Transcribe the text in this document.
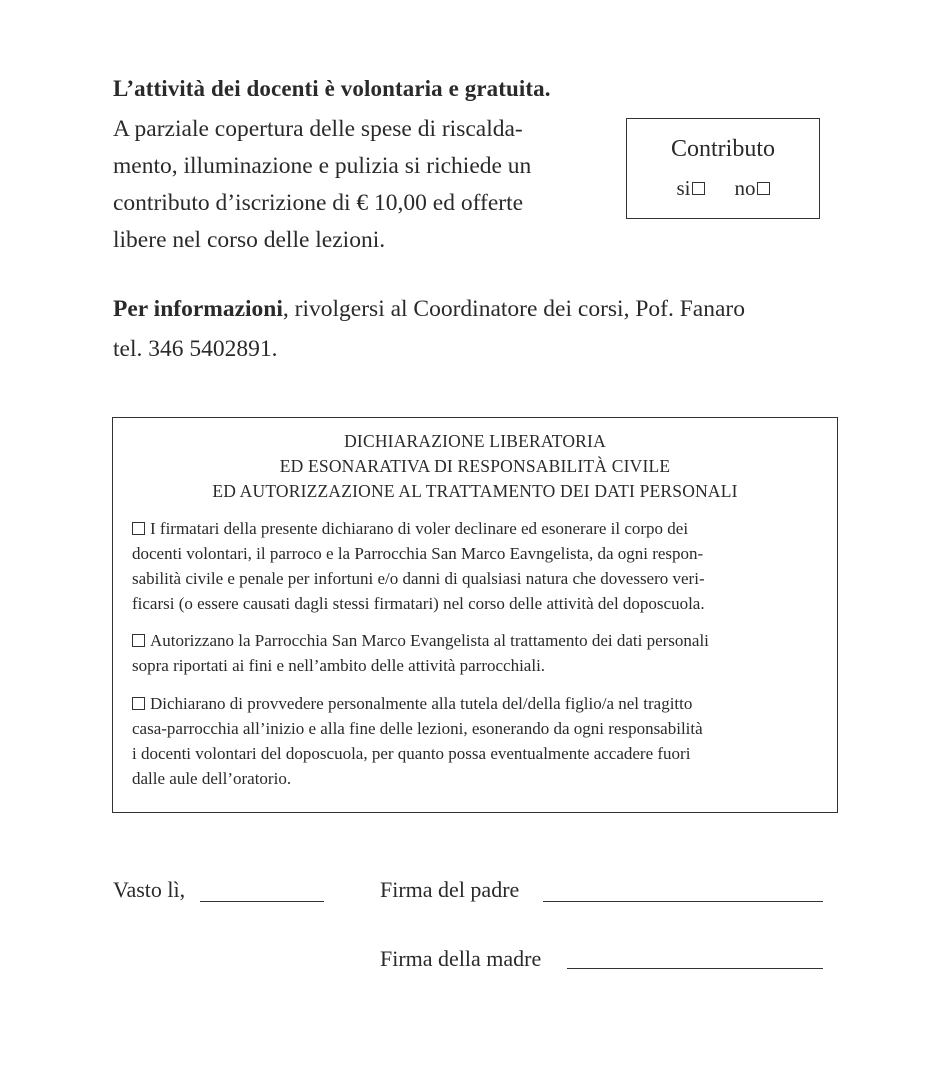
L’attività dei docenti è volontaria e gratuita.
A parziale copertura delle spese di riscalda-
mento, illuminazione e pulizia si richiede un
contributo d’iscrizione di € 10,00 ed offerte
libere nel corso delle lezioni.
Contributo
si no
Per informazioni, rivolgersi al Coordinatore dei corsi, Pof. Fanaro
tel. 346 5402891.
DICHIARAZIONE LIBERATORIA
ED ESONARATIVA DI RESPONSABILITÀ CIVILE
ED AUTORIZZAZIONE AL TRATTAMENTO DEI DATI PERSONALI
I firmatari della presente dichiarano di voler declinare ed esonerare il corpo dei
docenti volontari, il parroco e la Parrocchia San Marco Eavngelista, da ogni respon-
sabilità civile e penale per infortuni e/o danni di qualsiasi natura che dovessero veri-
ficarsi (o essere causati dagli stessi firmatari) nel corso delle attività del doposcuola.
Autorizzano la Parrocchia San Marco Evangelista al trattamento dei dati personali
sopra riportati ai fini e nell’ambito delle attività parrocchiali.
Dichiarano di provvedere personalmente alla tutela del/della figlio/a nel tragitto
casa-parrocchia all’inizio e alla fine delle lezioni, esonerando da ogni responsabilità
i docenti volontari del doposcuola, per quanto possa eventualmente accadere fuori
dalle aule dell’oratorio.
Vasto lì,	Firma del padre
Firma della madre
